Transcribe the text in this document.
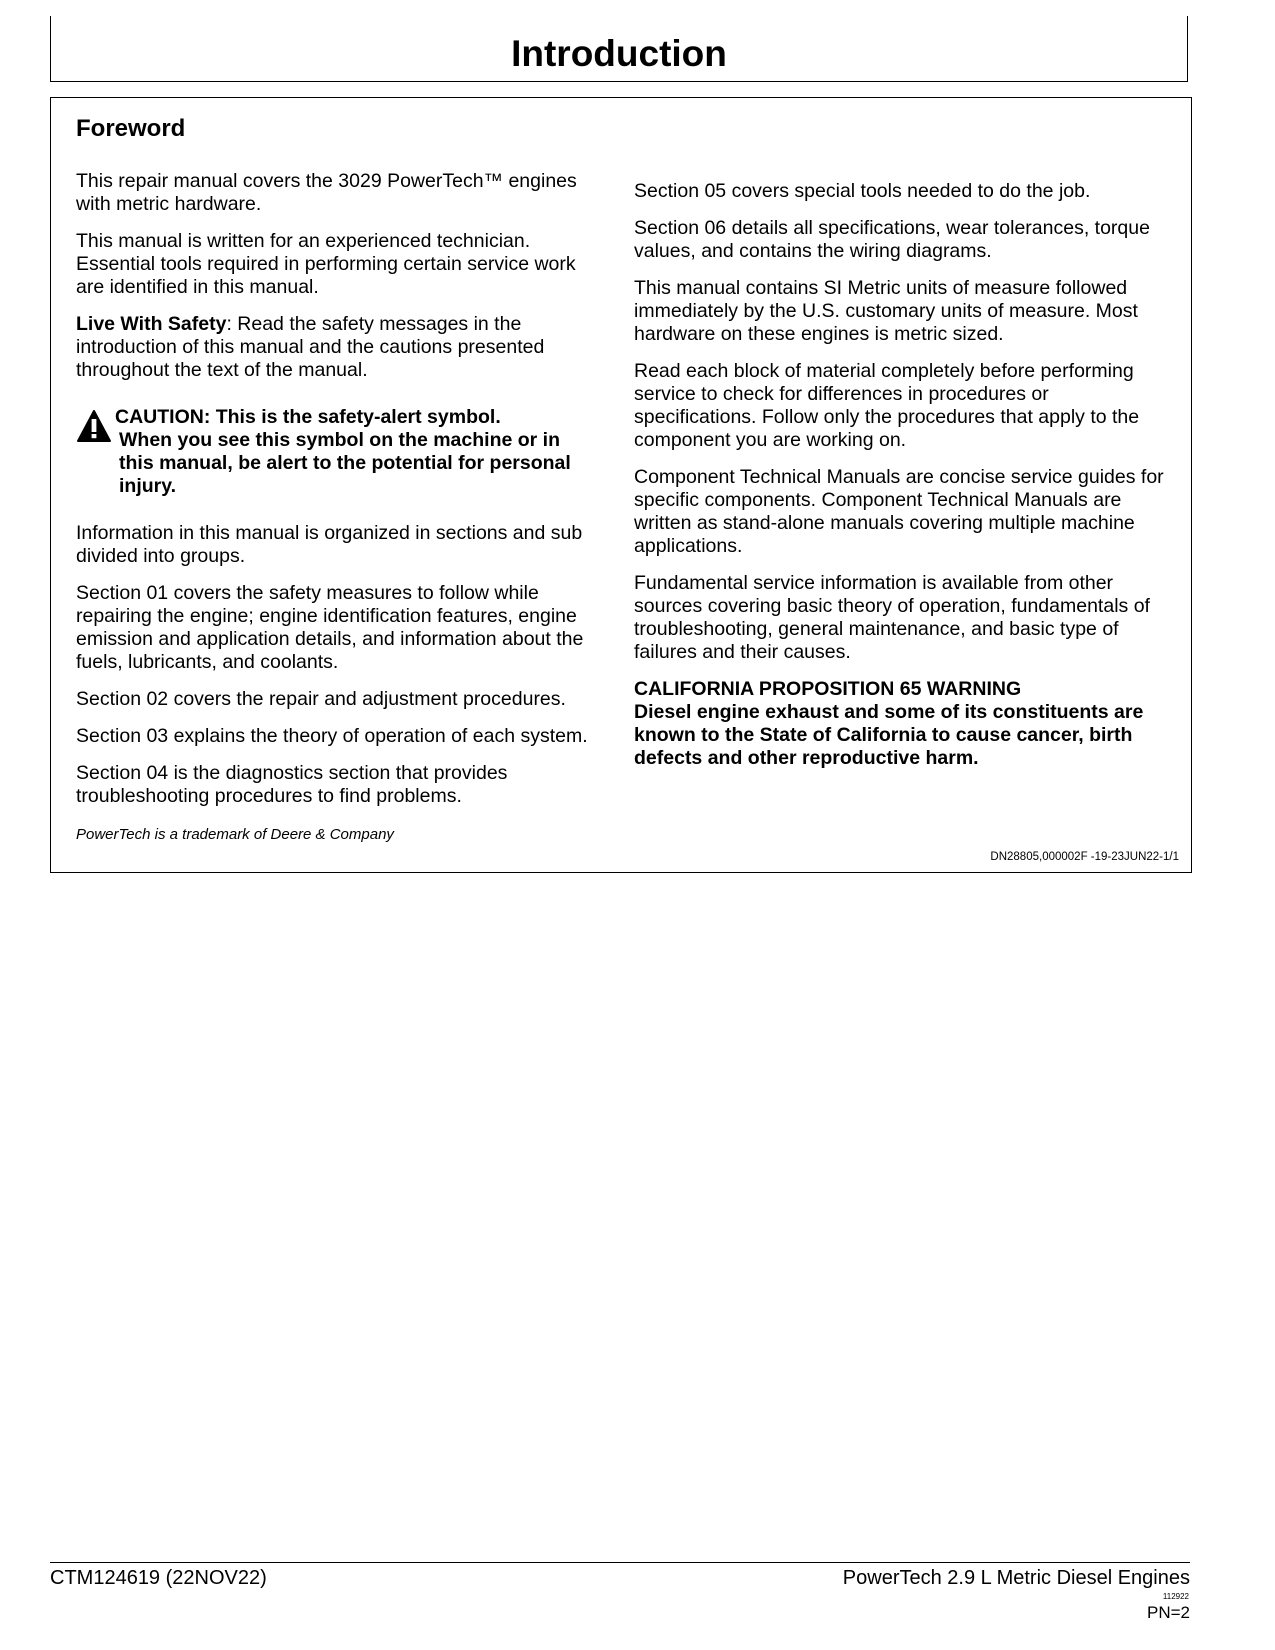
Introduction
Foreword

This repair manual covers the 3029 PowerTech™ engines with metric hardware.

This manual is written for an experienced technician. Essential tools required in performing certain service work are identified in this manual.

Live With Safety: Read the safety messages in the introduction of this manual and the cautions presented throughout the text of the manual.

CAUTION: This is the safety-alert symbol.
When you see this symbol on the machine or in this manual, be alert to the potential for personal injury.

Information in this manual is organized in sections and sub divided into groups.

Section 01 covers the safety measures to follow while repairing the engine; engine identification features, engine emission and application details, and information about the fuels, lubricants, and coolants.

Section 02 covers the repair and adjustment procedures.

Section 03 explains the theory of operation of each system.

Section 04 is the diagnostics section that provides troubleshooting procedures to find problems.

Section 05 covers special tools needed to do the job.

Section 06 details all specifications, wear tolerances, torque values, and contains the wiring diagrams.

This manual contains SI Metric units of measure followed immediately by the U.S. customary units of measure. Most hardware on these engines is metric sized.

Read each block of material completely before performing service to check for differences in procedures or specifications. Follow only the procedures that apply to the component you are working on.

Component Technical Manuals are concise service guides for specific components. Component Technical Manuals are written as stand-alone manuals covering multiple machine applications.

Fundamental service information is available from other sources covering basic theory of operation, fundamentals of troubleshooting, general maintenance, and basic type of failures and their causes.

CALIFORNIA PROPOSITION 65 WARNING
Diesel engine exhaust and some of its constituents are known to the State of California to cause cancer, birth defects and other reproductive harm.

PowerTech is a trademark of Deere & Company

DN28805,000002F -19-23JUN22-1/1

CTM124619 (22NOV22)	PowerTech 2.9 L Metric Diesel Engines

112922

PN=2
